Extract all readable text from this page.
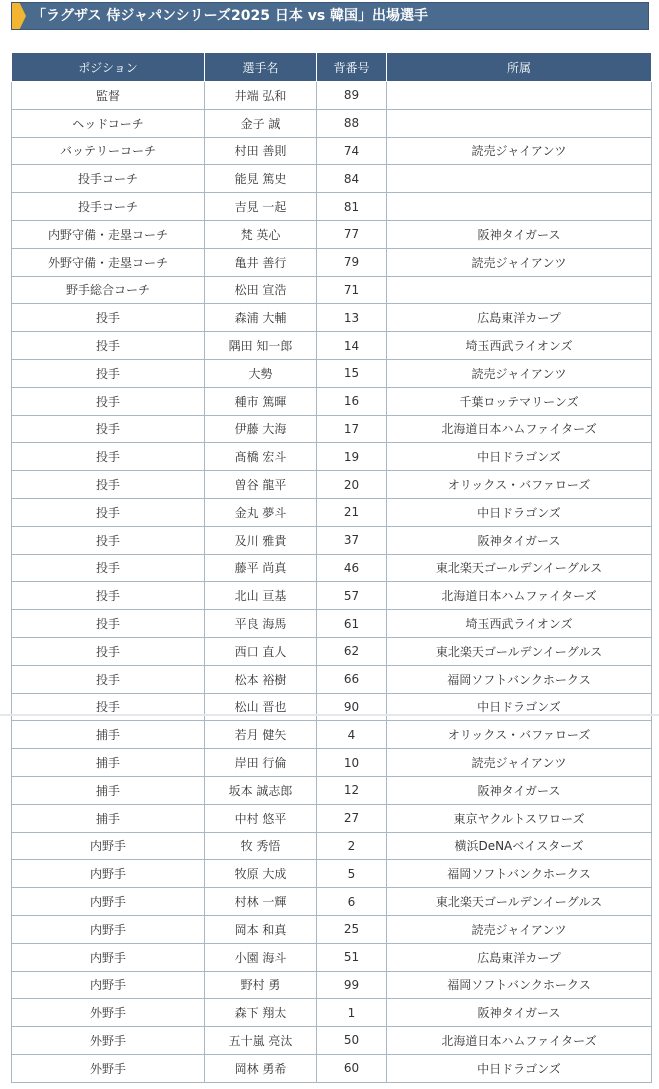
「ラグザス 侍ジャパンシリーズ2025 日本 vs 韓国」出場選手
ポジション	選手名	背番号	所属
監督	井端 弘和	89	
ヘッドコーチ	金子 誠	88	
バッテリーコーチ	村田 善則	74	読売ジャイアンツ
投手コーチ	能見 篤史	84	
投手コーチ	吉見 一起	81	
内野守備・走塁コーチ	梵 英心	77	阪神タイガース
外野守備・走塁コーチ	亀井 善行	79	読売ジャイアンツ
野手総合コーチ	松田 宣浩	71	
投手	森浦 大輔	13	広島東洋カープ
投手	隅田 知一郎	14	埼玉西武ライオンズ
投手	大勢	15	読売ジャイアンツ
投手	種市 篤暉	16	千葉ロッテマリーンズ
投手	伊藤 大海	17	北海道日本ハムファイターズ
投手	髙橋 宏斗	19	中日ドラゴンズ
投手	曽谷 龍平	20	オリックス・バファローズ
投手	金丸 夢斗	21	中日ドラゴンズ
投手	及川 雅貴	37	阪神タイガース
投手	藤平 尚真	46	東北楽天ゴールデンイーグルス
投手	北山 亘基	57	北海道日本ハムファイターズ
投手	平良 海馬	61	埼玉西武ライオンズ
投手	西口 直人	62	東北楽天ゴールデンイーグルス
投手	松本 裕樹	66	福岡ソフトバンクホークス
投手	松山 晋也	90	中日ドラゴンズ
捕手	若月 健矢	4	オリックス・バファローズ
捕手	岸田 行倫	10	読売ジャイアンツ
捕手	坂本 誠志郎	12	阪神タイガース
捕手	中村 悠平	27	東京ヤクルトスワローズ
内野手	牧 秀悟	2	横浜DeNAベイスターズ
内野手	牧原 大成	5	福岡ソフトバンクホークス
内野手	村林 一輝	6	東北楽天ゴールデンイーグルス
内野手	岡本 和真	25	読売ジャイアンツ
内野手	小園 海斗	51	広島東洋カープ
内野手	野村 勇	99	福岡ソフトバンクホークス
外野手	森下 翔太	1	阪神タイガース
外野手	五十嵐 亮汰	50	北海道日本ハムファイターズ
外野手	岡林 勇希	60	中日ドラゴンズ
